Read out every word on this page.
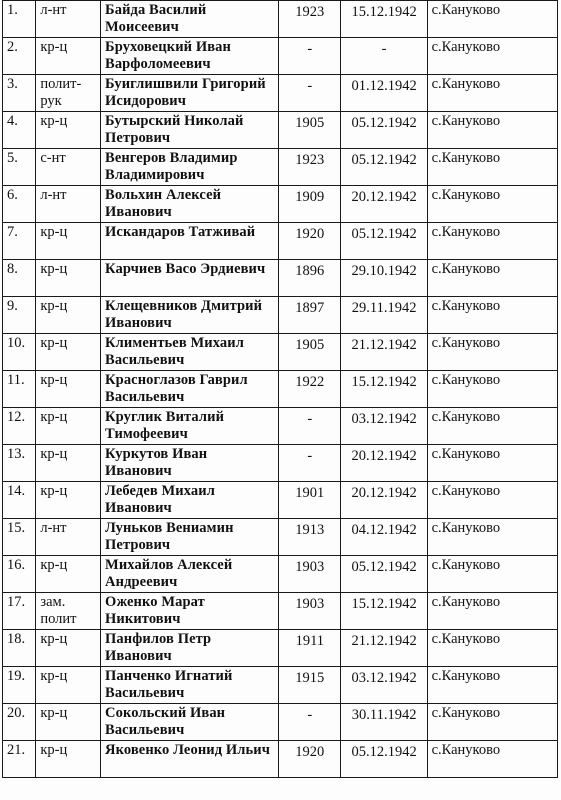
1.	л-нт	Байда Василий Моисеевич	1923	15.12.1942	с.Кануково
2.	кр-ц	Бруховецкий Иван Варфоломеевич	-	-	с.Кануково
3.	полит-рук	Буиглишвили Григорий Исидорович	-	01.12.1942	с.Кануково
4.	кр-ц	Бутырский Николай Петрович	1905	05.12.1942	с.Кануково
5.	с-нт	Венгеров Владимир Владимирович	1923	05.12.1942	с.Кануково
6.	л-нт	Вольхин Алексей Иванович	1909	20.12.1942	с.Кануково
7.	кр-ц	Искандаров Татживай	1920	05.12.1942	с.Кануково
8.	кр-ц	Карчиев Васо Эрдиевич	1896	29.10.1942	с.Кануково
9.	кр-ц	Клещевников Дмитрий Иванович	1897	29.11.1942	с.Кануково
10.	кр-ц	Климентьев Михаил Васильевич	1905	21.12.1942	с.Кануково
11.	кр-ц	Красноглазов Гаврил Васильевич	1922	15.12.1942	с.Кануково
12.	кр-ц	Круглик Виталий Тимофеевич	-	03.12.1942	с.Кануково
13.	кр-ц	Куркутов Иван Иванович	-	20.12.1942	с.Кануково
14.	кр-ц	Лебедев Михаил Иванович	1901	20.12.1942	с.Кануково
15.	л-нт	Луньков Вениамин Петрович	1913	04.12.1942	с.Кануково
16.	кр-ц	Михайлов Алексей Андреевич	1903	05.12.1942	с.Кануково
17.	зам. полит	Оженко Марат Никитович	1903	15.12.1942	с.Кануково
18.	кр-ц	Панфилов Петр Иванович	1911	21.12.1942	с.Кануково
19.	кр-ц	Панченко Игнатий Васильевич	1915	03.12.1942	с.Кануково
20.	кр-ц	Сокольский Иван Васильевич	-	30.11.1942	с.Кануково
21.	кр-ц	Яковенко Леонид Ильич	1920	05.12.1942	с.Кануково
